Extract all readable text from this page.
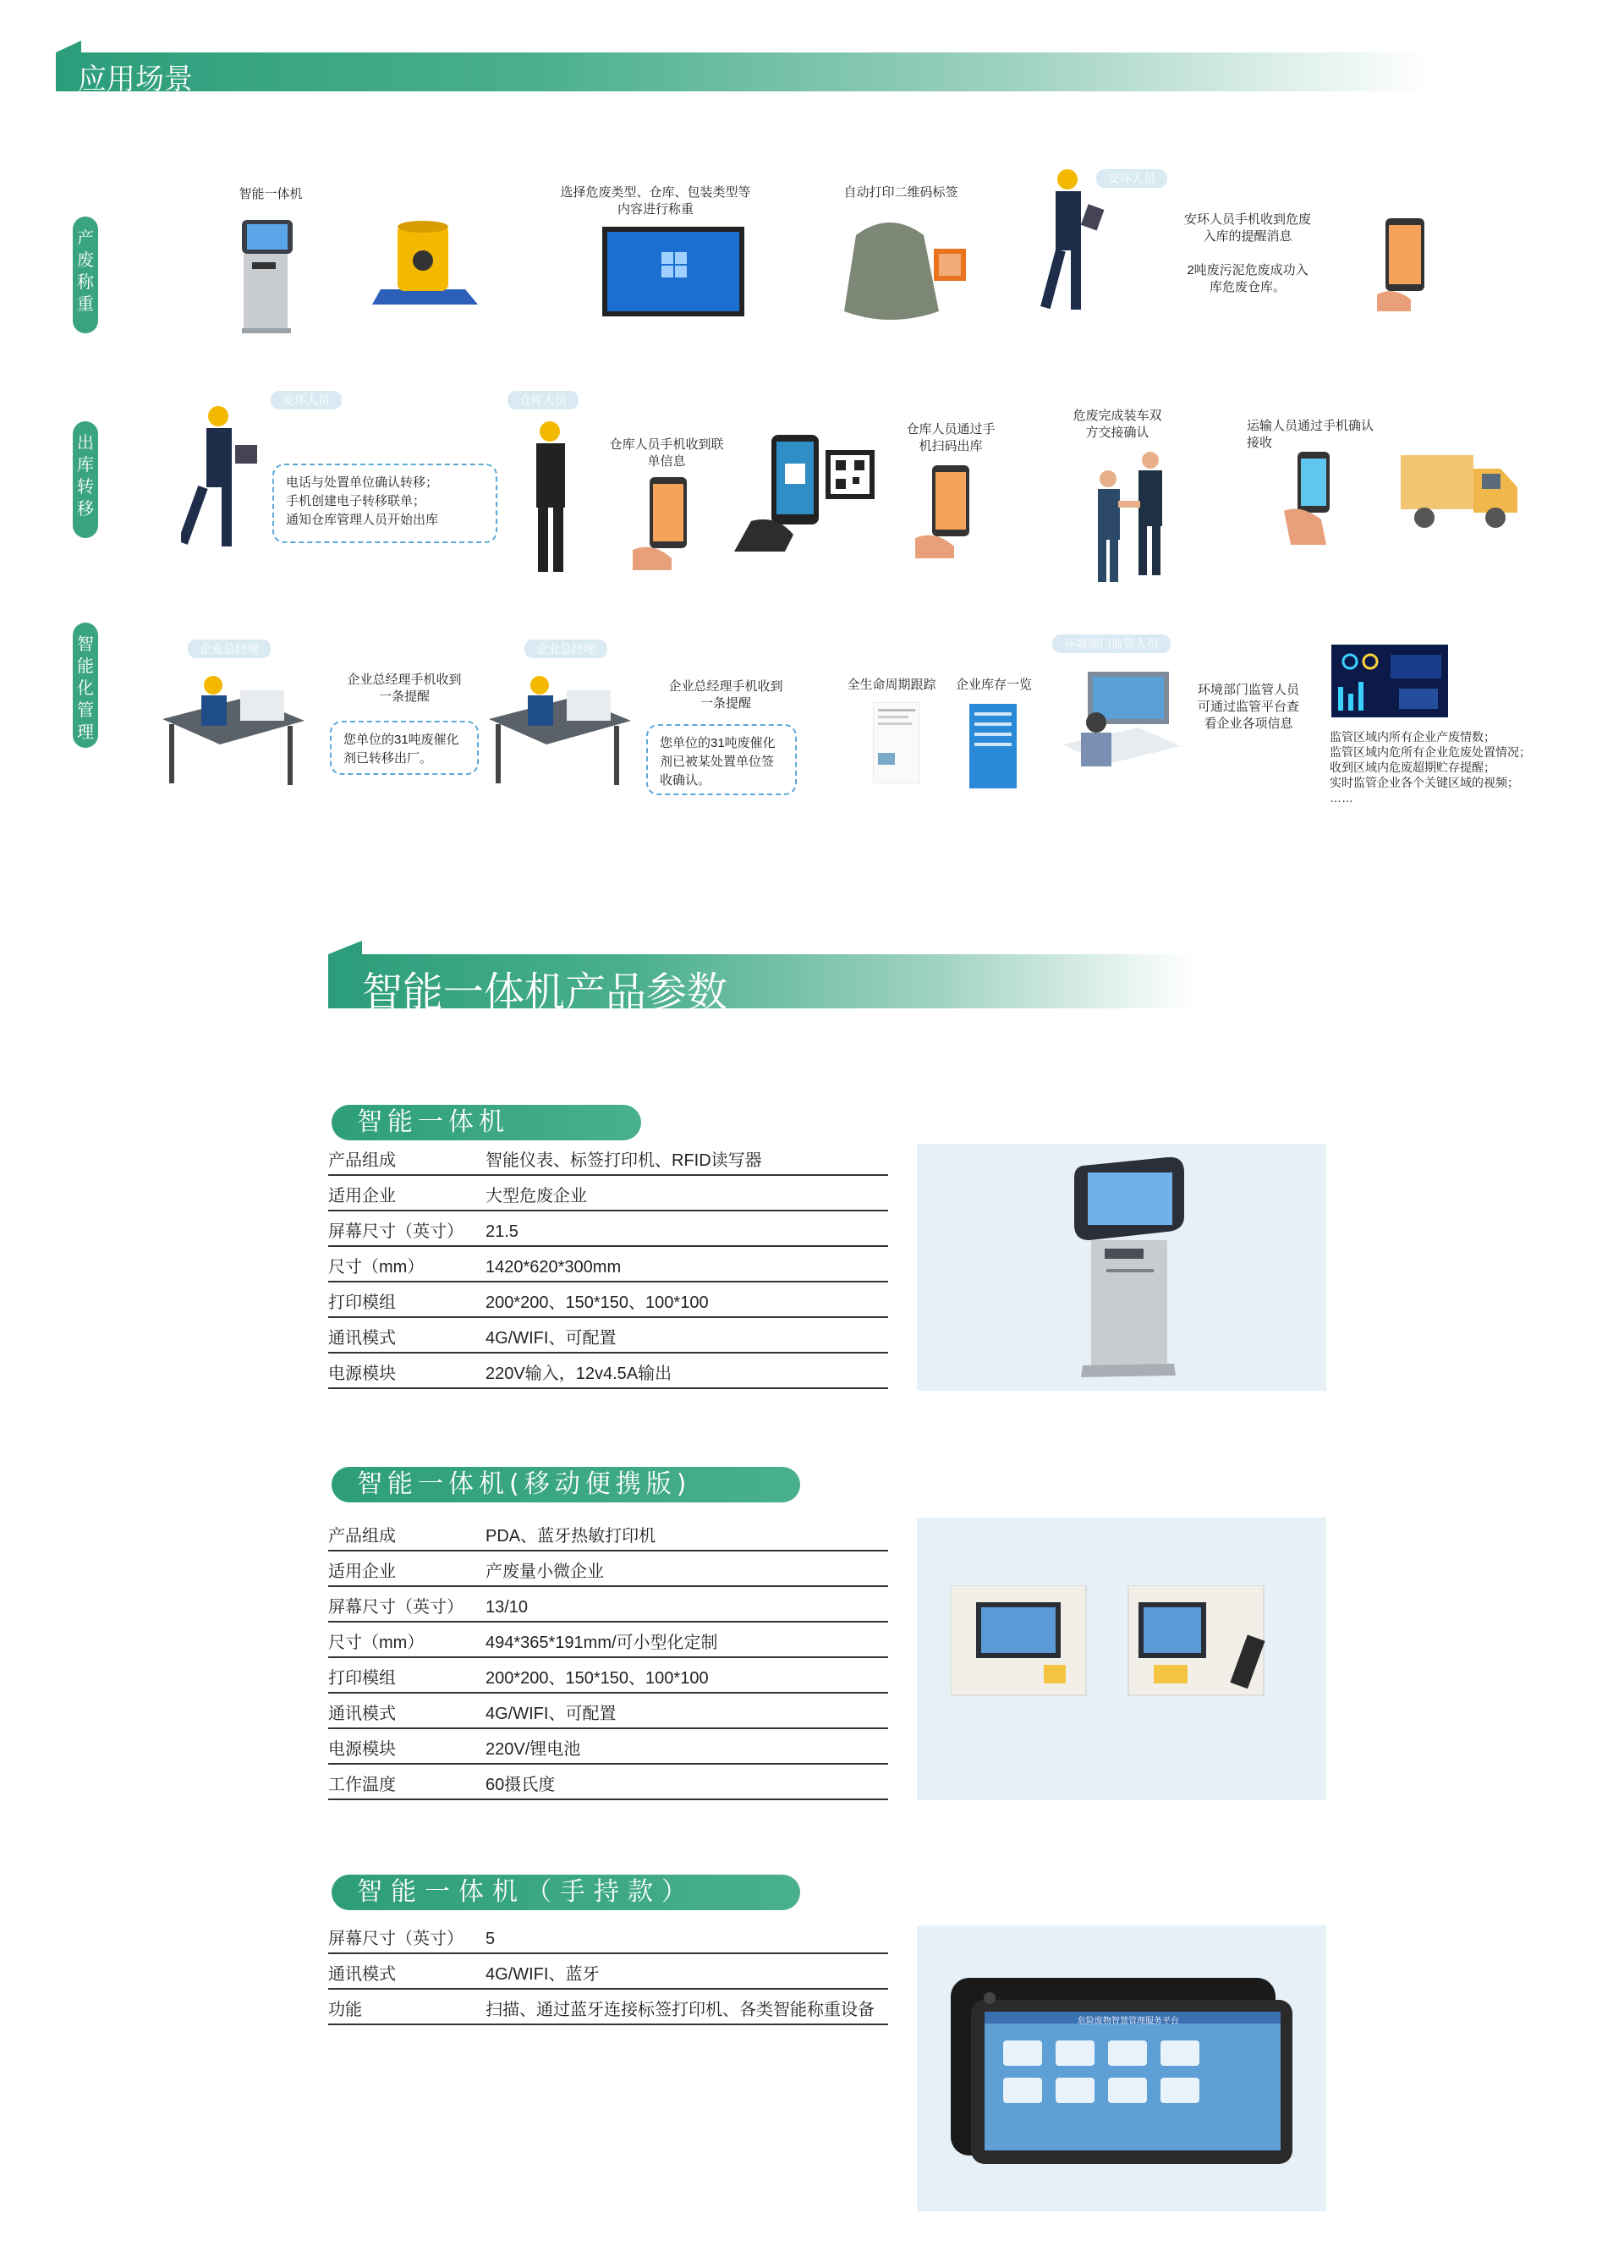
应用场景
产
废
称
重
出
库
转
移
智
能
化
管
理
智能一体机	选择危废类型、仓库、包装类型等内容进行称重
自动打印二维码标签
安环人员
安环人员手机收到危废入库的提醒消息
2吨废污泥危废成功入库危废仓库。
安环人员
电话与处置单位确认转移；
手机创建电子转移联单；
通知仓库管理人员开始出库
仓库人员
仓库人员手机收到联单信息
仓库人员通过手机扫码出库
危废完成装车双方交接确认	运输人员通过手机确认接收
企业总经理
企业总经理手机收到一条提醒
您单位的31吨废催化剂已转移出厂。
企业总经理
企业总经理手机收到一条提醒
您单位的31吨废催化剂已被某处置单位签收确认。
全生命周期跟踪	企业库存一览
环境部门监管人员
环境部门监管人员可通过监管平台查看企业各项信息
监管区域内所有企业产废情数；
监管区域内危所有企业危废处置情况；
收到区域内危废超期贮存提醒；
实时监管企业各个关键区域的视频；
……
智能一体机产品参数
智能一体机
产品组成	智能仪表、标签打印机、RFID读写器
适用企业	大型危废企业
屏幕尺寸（英寸）	21.5
尺寸（mm）	1420*620*300mm
打印模组	200*200、150*150、100*100
通讯模式	4G/WIFI、可配置
电源模块	220V输入，12v4.5A输出
智能一体机(移动便携版)
产品组成	PDA、蓝牙热敏打印机
适用企业	产废量小微企业
屏幕尺寸（英寸）	13/10
尺寸（mm）	494*365*191mm/可小型化定制
打印模组	200*200、150*150、100*100
通讯模式	4G/WIFI、可配置
电源模块	220V/锂电池
工作温度	60摄氏度
智能一体机（手持款）
屏幕尺寸（英寸）	5
通讯模式	4G/WIFI、蓝牙
功能	扫描、通过蓝牙连接标签打印机、各类智能称重设备
危险废物智慧管理服务平台
